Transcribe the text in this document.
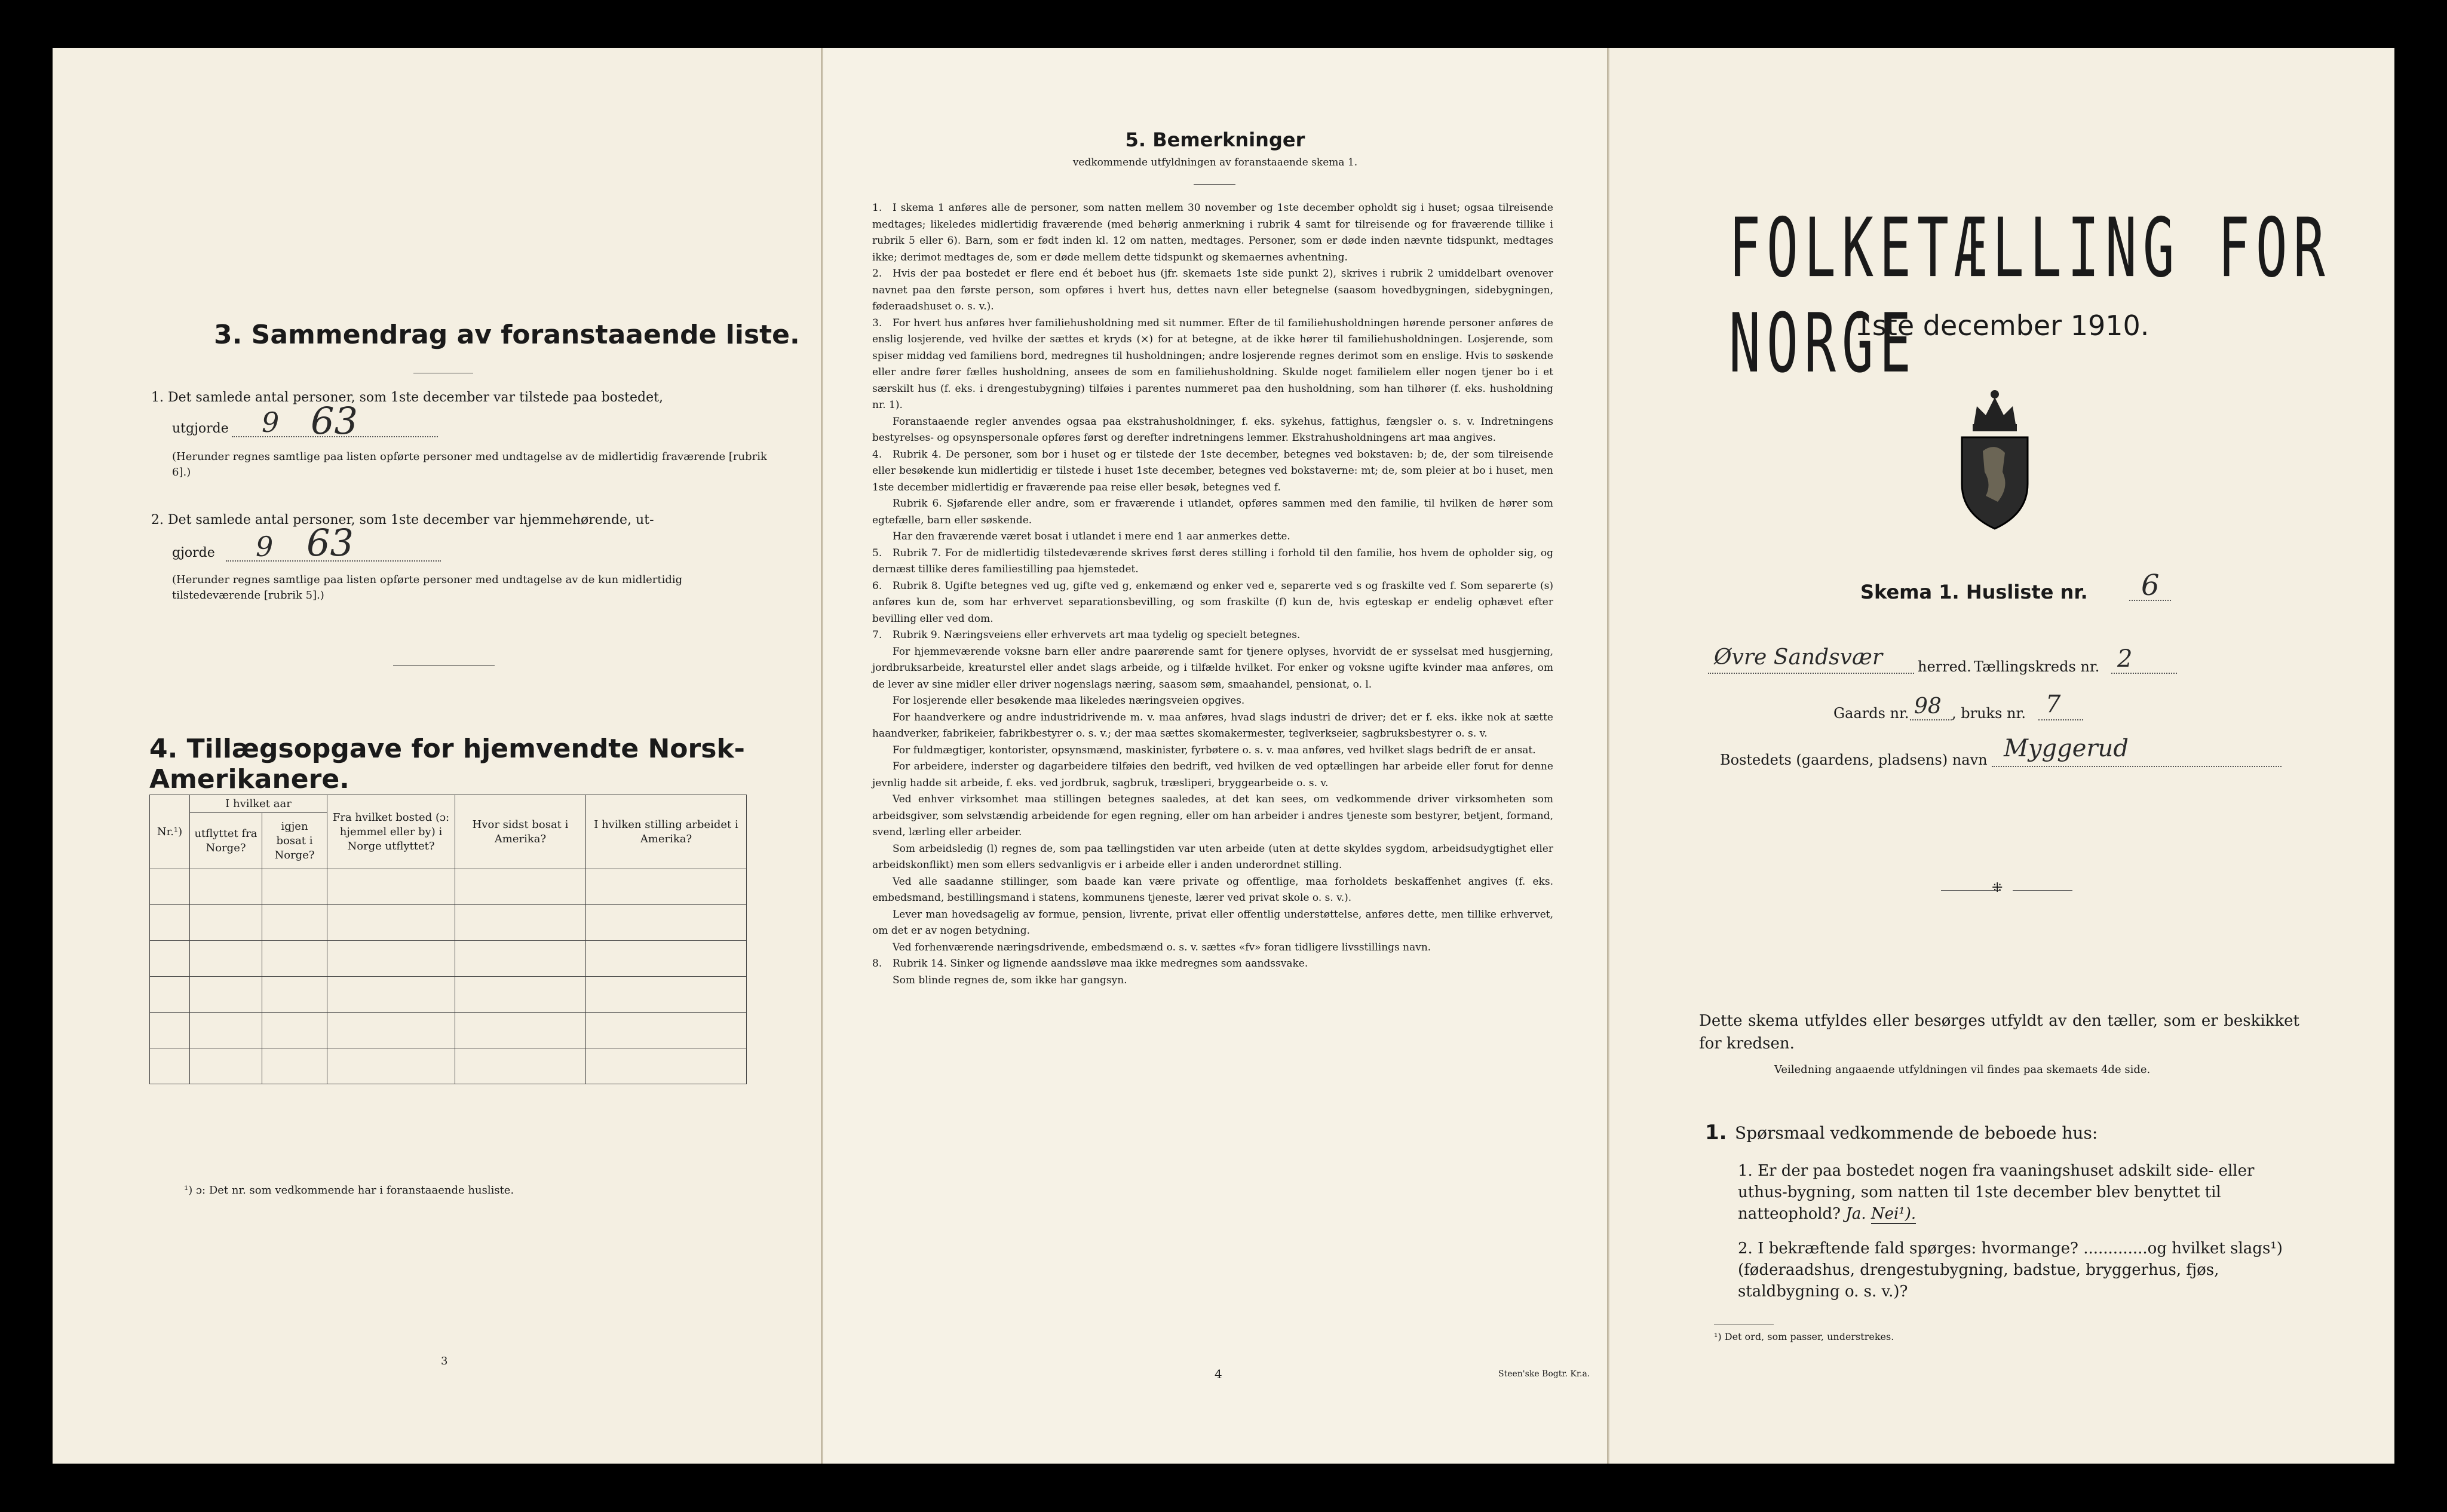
3. Sammendrag av foranstaaende liste.
1. Det samlede antal personer, som 1ste december var tilstede paa bostedet,
utgjorde 9 63
(Herunder regnes samtlige paa listen opførte personer med undtagelse av de midlertidig fraværende [rubrik 6].)
2. Det samlede antal personer, som 1ste december var hjemmehørende, ut-
gjorde 9 63
(Herunder regnes samtlige paa listen opførte personer med undtagelse av de kun midlertidig tilstedeværende [rubrik 5].)
4. Tillægsopgave for hjemvendte Norsk-Amerikanere.
Nr.¹)	I hvilket aar		Fra hvilket bosted (ɔ: hjemmel eller by) i Norge utflyttet?	Hvor sidst bosat i Amerika?	I hvilken stilling arbeidet i Amerika?
	utflyttet fra Norge?	igjen bosat i Norge?			

¹) ɔ: Det nr. som vedkommende har i foranstaaende husliste.
3
5. Bemerkninger
vedkommende utfyldningen av foranstaaende skema 1.

1. I skema 1 anføres alle de personer, som natten mellem 30 november og 1ste december opholdt sig i huset; ogsaa tilreisende medtages; likeledes midlertidig fraværende (med behørig anmerkning i rubrik 4 samt for tilreisende og for fraværende tillike i rubrik 5 eller 6). Barn, som er født inden kl. 12 om natten, medtages. Personer, som er døde inden nævnte tidspunkt, medtages ikke; derimot medtages de, som er døde mellem dette tidspunkt og skemaernes avhentning.

2. Hvis der paa bostedet er flere end ét beboet hus (jfr. skemaets 1ste side punkt 2), skrives i rubrik 2 umiddelbart ovenover navnet paa den første person, som opføres i hvert hus, dettes navn eller betegnelse (saasom hovedbygningen, sidebygningen, føderaadshuset o. s. v.).

3. For hvert hus anføres hver familiehusholdning med sit nummer. Efter de til familiehusholdningen hørende personer anføres de enslig losjerende, ved hvilke der sættes et kryds (×) for at betegne, at de ikke hører til familiehusholdningen. Losjerende, som spiser middag ved familiens bord, medregnes til husholdningen; andre losjerende regnes derimot som en enslige. Hvis to søskende eller andre fører fælles husholdning, ansees de som en familiehusholdning. Skulde noget familielem eller nogen tjener bo i et særskilt hus (f. eks. i drengestubygning) tilføies i parentes nummeret paa den husholdning, som han tilhører (f. eks. husholdning nr. 1).

Foranstaaende regler anvendes ogsaa paa ekstrahusholdninger, f. eks. sykehus, fattighus, fængsler o. s. v. Indretningens bestyrelses- og opsynspersonale opføres først og derefter indretningens lemmer. Ekstrahusholdningens art maa angives.

4. Rubrik 4. De personer, som bor i huset og er tilstede der 1ste december, betegnes ved bokstaven: b; de, der som tilreisende eller besøkende kun midlertidig er tilstede i huset 1ste december, betegnes ved bokstaverne: mt; de, som pleier at bo i huset, men 1ste december midlertidig er fraværende paa reise eller besøk, betegnes ved f.

Rubrik 6. Sjøfarende eller andre, som er fraværende i utlandet, opføres sammen med den familie, til hvilken de hører som egtefælle, barn eller søskende.

Har den fraværende været bosat i utlandet i mere end 1 aar anmerkes dette.

5. Rubrik 7. For de midlertidig tilstedeværende skrives først deres stilling i forhold til den familie, hos hvem de opholder sig, og dernæst tillike deres familiestilling paa hjemstedet.

6. Rubrik 8. Ugifte betegnes ved ug, gifte ved g, enkemænd og enker ved e, separerte ved s og fraskilte ved f. Som separerte (s) anføres kun de, som har erhvervet separationsbevilling, og som fraskilte (f) kun de, hvis egteskap er endelig ophævet efter bevilling eller ved dom.

7. Rubrik 9. Næringsveiens eller erhvervets art maa tydelig og specielt betegnes.

For hjemmeværende voksne barn eller andre paarørende samt for tjenere oplyses, hvorvidt de er sysselsat med husgjerning, jordbruksarbeide, kreaturstel eller andet slags arbeide, og i tilfælde hvilket. For enker og voksne ugifte kvinder maa anføres, om de lever av sine midler eller driver nogenslags næring, saasom søm, smaahandel, pensionat, o. l.

For losjerende eller besøkende maa likeledes næringsveien opgives.

For haandverkere og andre industridrivende m. v. maa anføres, hvad slags industri de driver; det er f. eks. ikke nok at sætte haandverker, fabrikeier, fabrikbestyrer o. s. v.; der maa sættes skomakermester, teglverkseier, sagbruksbestyrer o. s. v.

For fuldmægtiger, kontorister, opsynsmænd, maskinister, fyrbøtere o. s. v. maa anføres, ved hvilket slags bedrift de er ansat.

For arbeidere, inderster og dagarbeidere tilføies den bedrift, ved hvilken de ved optællingen har arbeide eller forut for denne jevnlig hadde sit arbeide, f. eks. ved jordbruk, sagbruk, træsliperi, bryggearbeide o. s. v.

Ved enhver virksomhet maa stillingen betegnes saaledes, at det kan sees, om vedkommende driver virksomheten som arbeidsgiver, som selvstændig arbeidende for egen regning, eller om han arbeider i andres tjeneste som bestyrer, betjent, formand, svend, lærling eller arbeider.

Som arbeidsledig (l) regnes de, som paa tællingstiden var uten arbeide (uten at dette skyldes sygdom, arbeidsudygtighet eller arbeidskonflikt) men som ellers sedvanligvis er i arbeide eller i anden underordnet stilling.

Ved alle saadanne stillinger, som baade kan være private og offentlige, maa forholdets beskaffenhet angives (f. eks. embedsmand, bestillingsmand i statens, kommunens tjeneste, lærer ved privat skole o. s. v.).

Lever man hovedsagelig av formue, pension, livrente, privat eller offentlig understøttelse, anføres dette, men tillike erhvervet, om det er av nogen betydning.

Ved forhenværende næringsdrivende, embedsmænd o. s. v. sættes «fv» foran tidligere livsstillings navn.

8. Rubrik 14. Sinker og lignende aandssløve maa ikke medregnes som aandssvake.

Som blinde regnes de, som ikke har gangsyn.

4	Steen'ske Bogtr. Kr.a.
FOLKETÆLLING FOR NORGE
1ste december 1910.
Skema 1. Husliste nr. 6
Øvre Sandsvær herred. Tællingskreds nr. 2
Gaards nr. 98 , bruks nr. 7
Bostedets (gaardens, pladsens) navn Myggerud
⁜
Dette skema utfyldes eller besørges utfyldt av den tæller, som er beskikket for kredsen.
Veiledning angaaende utfyldningen vil findes paa skemaets 4de side.
1. Spørsmaal vedkommende de beboede hus:
1. Er der paa bostedet nogen fra vaaningshuset adskilt side- eller uthus-bygning, som natten til 1ste december blev benyttet til natteophold? Ja. Nei¹).
2. I bekræftende fald spørges: hvormange? .............og hvilket slags¹) (føderaadshus, drengestubygning, badstue, bryggerhus, fjøs, staldbygning o. s. v.)?
¹) Det ord, som passer, understrekes.
